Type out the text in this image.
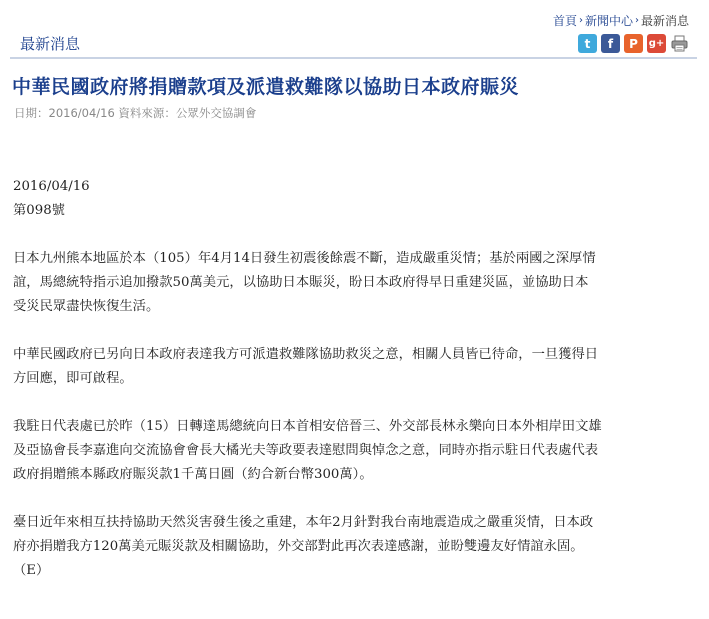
首頁 › 新聞中心 › 最新消息
最新消息	t	f	P	g+
中華民國政府將捐贈款項及派遣救難隊以協助日本政府賑災
日期：2016/04/16 資料來源：公眾外交協調會

2016/04/16

第098號

日本九州熊本地區於本（105）年4月14日發生初震後餘震不斷，造成嚴重災情；基於兩國之深厚情
誼，馬總統特指示追加撥款50萬美元，以協助日本賑災，盼日本政府得早日重建災區，並協助日本
受災民眾盡快恢復生活。

中華民國政府已另向日本政府表達我方可派遣救難隊協助救災之意，相關人員皆已待命，一旦獲得日
方回應，即可啟程。

我駐日代表處已於昨（15）日轉達馬總統向日本首相安倍晉三、外交部長林永樂向日本外相岸田文雄
及亞協會長李嘉進向交流協會會長大橘光夫等政要表達慰問與悼念之意，同時亦指示駐日代表處代表
政府捐贈熊本縣政府賑災款1千萬日圓（約合新台幣300萬）。

臺日近年來相互扶持協助天然災害發生後之重建，本年2月針對我台南地震造成之嚴重災情，日本政
府亦捐贈我方120萬美元賑災款及相關協助，外交部對此再次表達感謝，並盼雙邊友好情誼永固。
（E）
